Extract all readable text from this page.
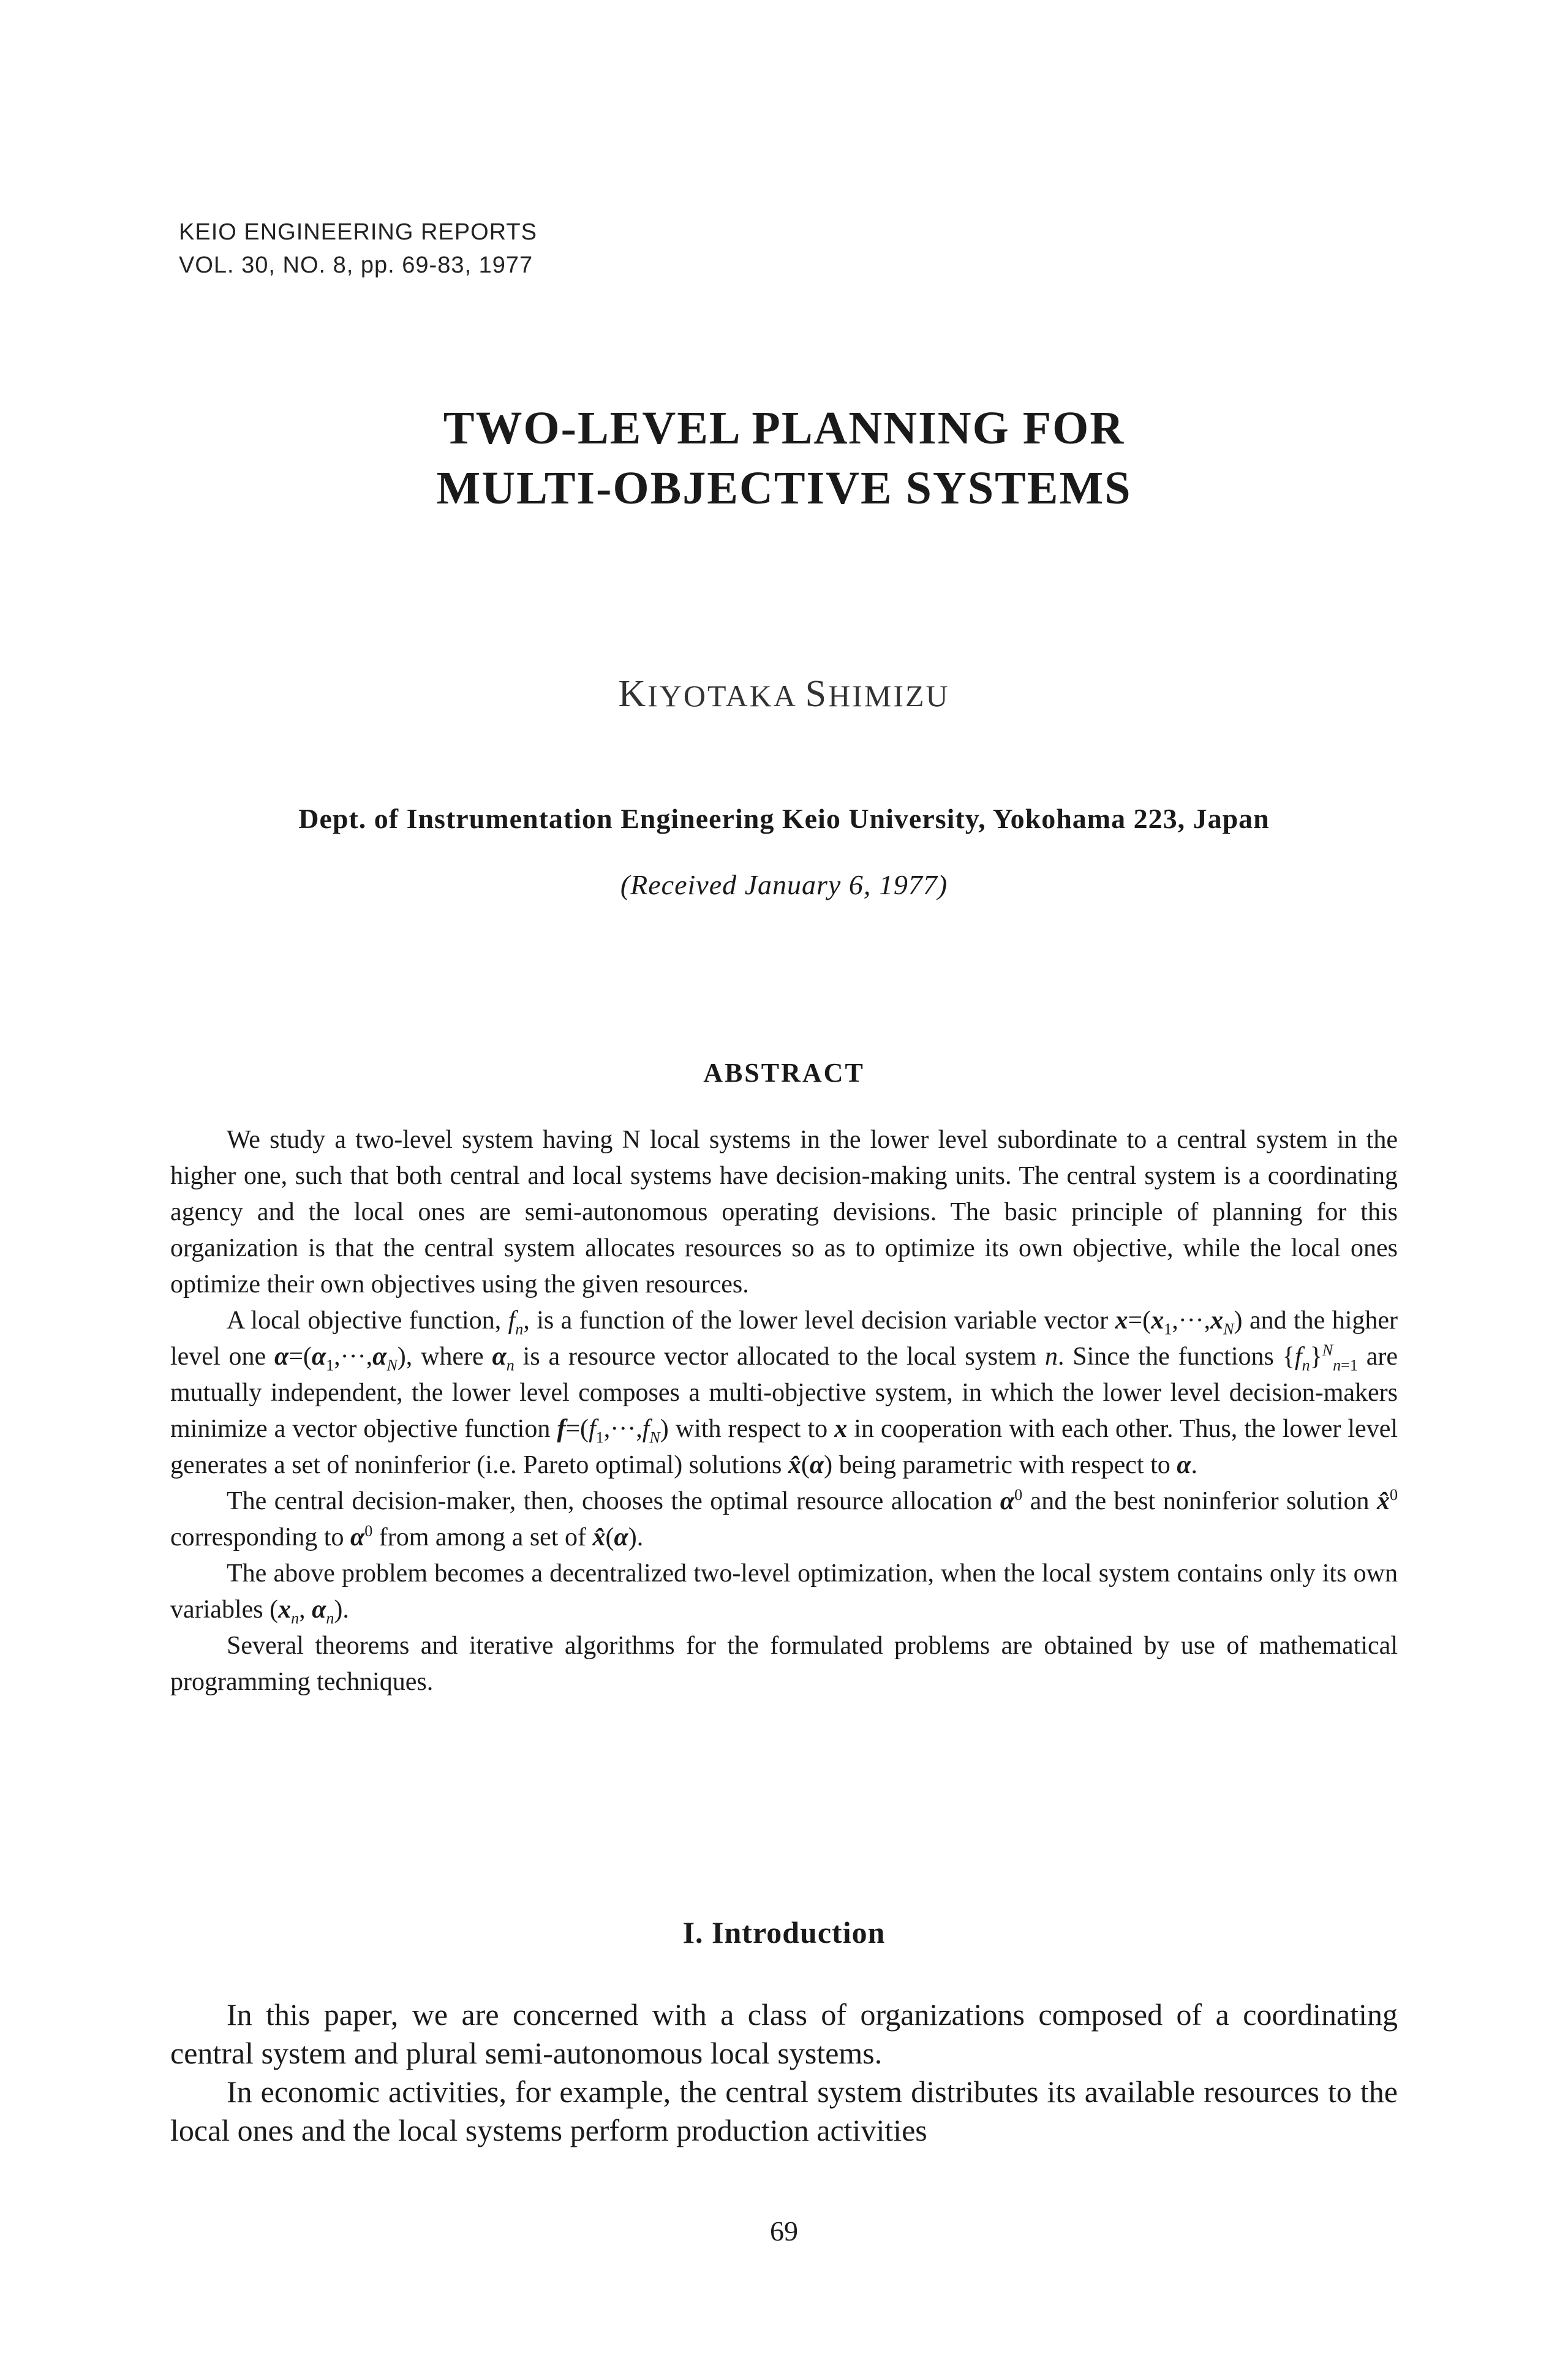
KEIO ENGINEERING REPORTS
VOL. 30, NO. 8, pp. 69-83, 1977
TWO-LEVEL PLANNING FOR
MULTI-OBJECTIVE SYSTEMS
KIYOTAKA SHIMIZU
Dept. of Instrumentation Engineering Keio University, Yokohama 223, Japan
(Received January 6, 1977)
ABSTRACT

We study a two-level system having N local systems in the lower level subordinate to a central system in the higher one, such that both central and local systems have decision-making units. The central system is a coordinating agency and the local ones are semi-autonomous operating devisions. The basic principle of planning for this organization is that the central system allocates resources so as to optimize its own objective, while the local ones optimize their own objectives using the given resources.

A local objective function, $f_n$, is a function of the lower level decision variable vector $x=(x_1,\cdot\cdot\cdot,x_N)$ and the higher level one $\alpha=(\alpha_1,\cdot\cdot\cdot,\alpha_N)$, where $\alpha_n$ is a resource vector allocated to the local system n. Since the functions $\{f_n\}^N_{n=1}$ are mutually independent, the lower level composes a multi-objective system, in which the lower level decision-makers minimize a vector objective function $f=(f_1,\cdot\cdot\cdot,f_N)$ with respect to x in cooperation with each other. Thus, the lower level generates a set of noninferior (i.e. Pareto optimal) solutions x̂(α) being parametric with respect to α.

The central decision-maker, then, chooses the optimal resource allocation $\alpha^0$ and the best noninferior solution x̂$^0$ corresponding to $\alpha^0$ from among a set of x̂(α).

The above problem becomes a decentralized two-level optimization, when the local system contains only its own variables ($x_n$, $\alpha_n$).

Several theorems and iterative algorithms for the formulated problems are obtained by use of mathematical programming techniques.

I. Introduction

In this paper, we are concerned with a class of organizations composed of a coordinating central system and plural semi-autonomous local systems.

In economic activities, for example, the central system distributes its available resources to the local ones and the local systems perform production activities

69
